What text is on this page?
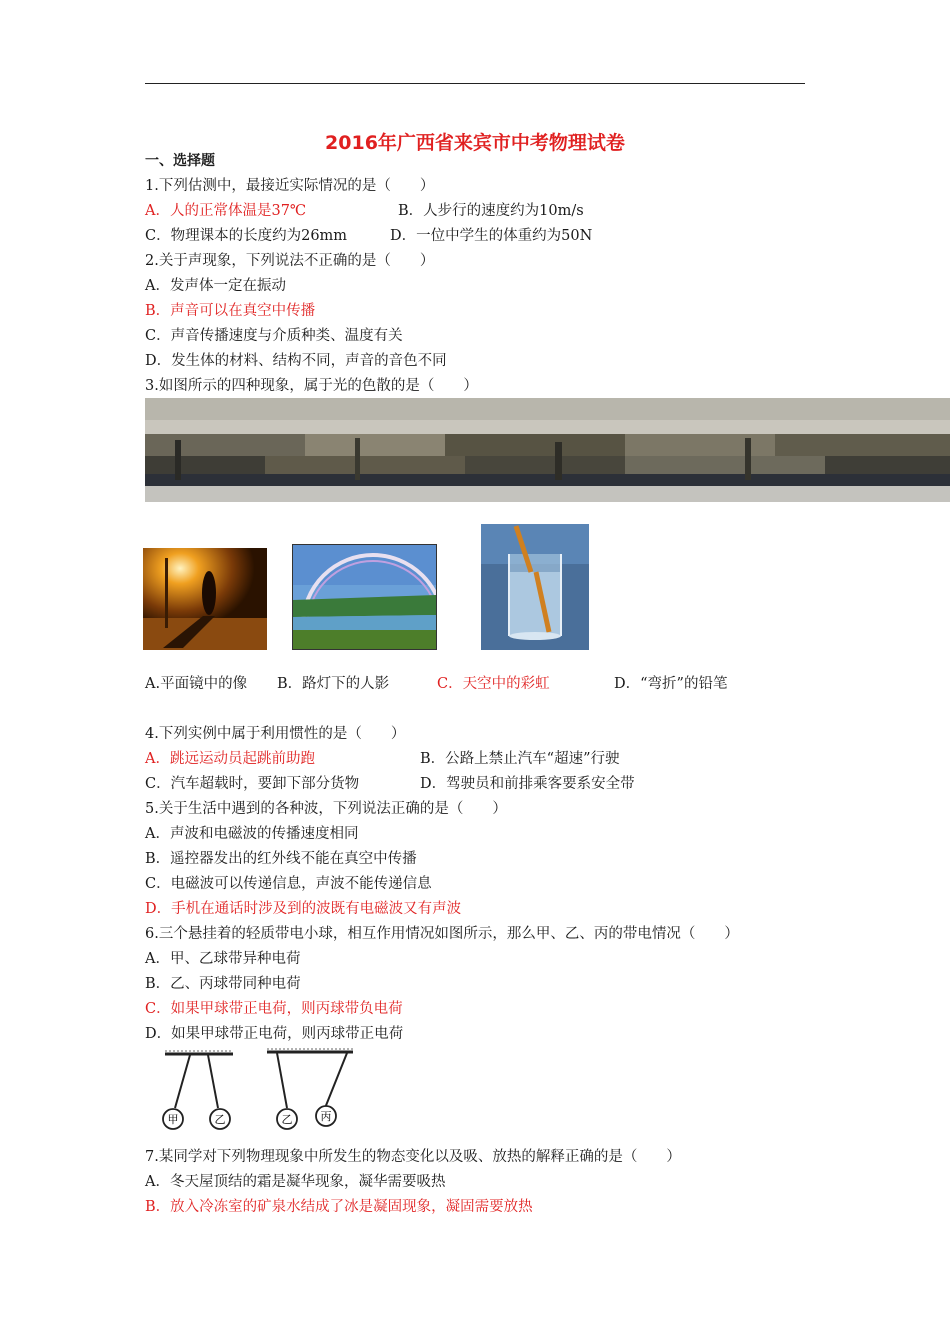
2016年广西省来宾市中考物理试卷
一、选择题
1.下列估测中，最接近实际情况的是（　　）
A．人的正常体温是37℃	B．人步行的速度约为10m/s
C．物理课本的长度约为26mm	D．一位中学生的体重约为50N
2.关于声现象，下列说法不正确的是（　　）
A．发声体一定在振动
B．声音可以在真空中传播
C．声音传播速度与介质种类、温度有关
D．发生体的材料、结构不同，声音的音色不同
3.如图所示的四种现象，属于光的色散的是（　　）
A.平面镜中的像 B．路灯下的人影	C．天空中的彩虹	D．“弯折”的铅笔
4.下列实例中属于利用惯性的是（　　）
A．跳远运动员起跳前助跑	B．公路上禁止汽车“超速”行驶
C．汽车超载时，要卸下部分货物	D．驾驶员和前排乘客要系安全带
5.关于生活中遇到的各种波，下列说法正确的是（　　）
A．声波和电磁波的传播速度相同
B．遥控器发出的红外线不能在真空中传播
C．电磁波可以传递信息，声波不能传递信息
D．手机在通话时涉及到的波既有电磁波又有声波
6.三个悬挂着的轻质带电小球，相互作用情况如图所示，那么甲、乙、丙的带电情况（　　）
A．甲、乙球带异种电荷
B．乙、丙球带同种电荷
C．如果甲球带正电荷，则丙球带负电荷
D．如果甲球带正电荷，则丙球带正电荷
甲	乙	乙	丙
7.某同学对下列物理现象中所发生的物态变化以及吸、放热的解释正确的是（　　）
A．冬天屋顶结的霜是凝华现象，凝华需要吸热
B．放入冷冻室的矿泉水结成了冰是凝固现象，凝固需要放热
